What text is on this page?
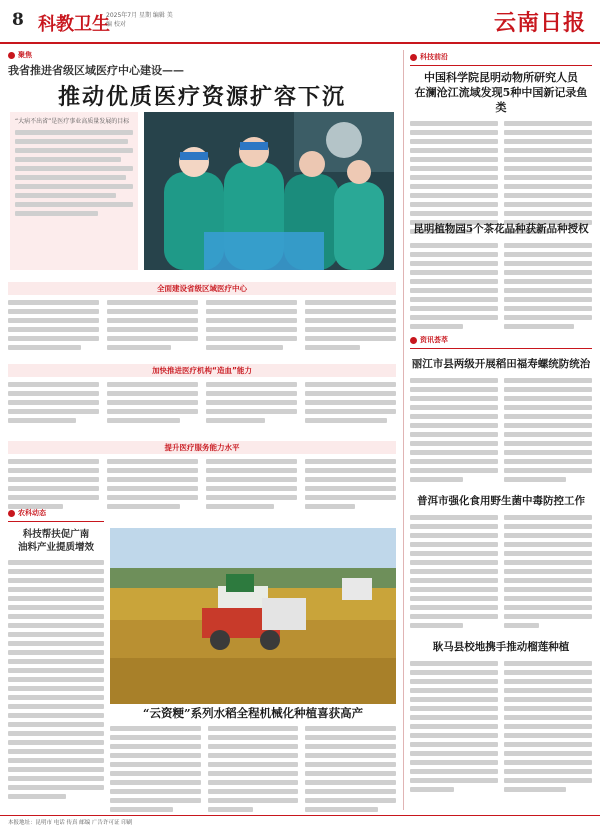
8 科教卫生
2025年7月 星期 编辑 美编 校对	云南日报
聚焦
我省推进省级区域医疗中心建设——
推动优质医疗资源扩容下沉
“大病不出省”是医疗事业高质量发展的目标
全面建设省级区域医疗中心
加快推进医疗机构“造血”能力
提升医疗服务能力水平
科技前沿
中国科学院昆明动物所研究人员
在澜沧江流域发现5种中国新记录鱼类
昆明植物园5个茶花品种获新品种授权
资讯荟萃
丽江市县两级开展稻田福寿螺统防统治
普洱市强化食用野生菌中毒防控工作
耿马县校地携手推动榴莲种植
农科动态
科技帮扶促广南
油料产业提质增效
“云资粳”系列水稻全程机械化种植喜获高产
本报地址：昆明市 电话 传真 邮编 广告许可证 印刷
